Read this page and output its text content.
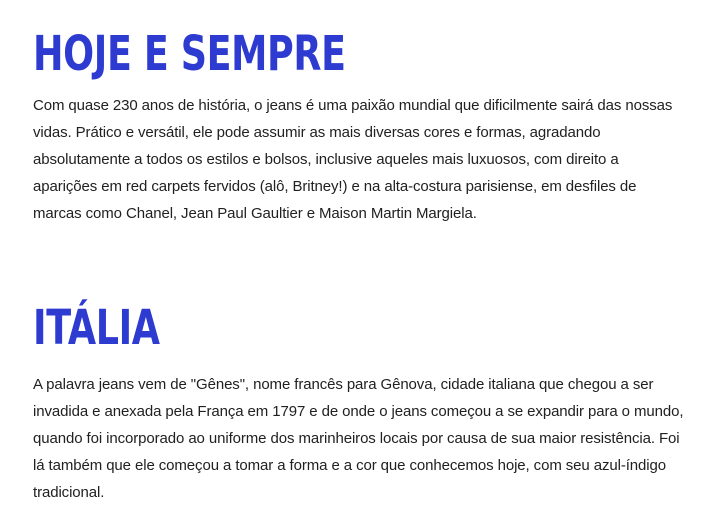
HOJE E SEMPRE

Com quase 230 anos de história, o jeans é uma paixão mundial que dificilmente sairá das nossas
vidas. Prático e versátil, ele pode assumir as mais diversas cores e formas, agradando
absolutamente a todos os estilos e bolsos, inclusive aqueles mais luxuosos, com direito a
aparições em red carpets fervidos (alô, Britney!) e na alta-costura parisiense, em desfiles de
marcas como Chanel, Jean Paul Gaultier e Maison Martin Margiela.

ITÁLIA

A palavra jeans vem de "Gênes", nome francês para Gênova, cidade italiana que chegou a ser
invadida e anexada pela França em 1797 e de onde o jeans começou a se expandir para o mundo,
quando foi incorporado ao uniforme dos marinheiros locais por causa de sua maior resistência. Foi
lá também que ele começou a tomar a forma e a cor que conhecemos hoje, com seu azul-índigo
tradicional.
